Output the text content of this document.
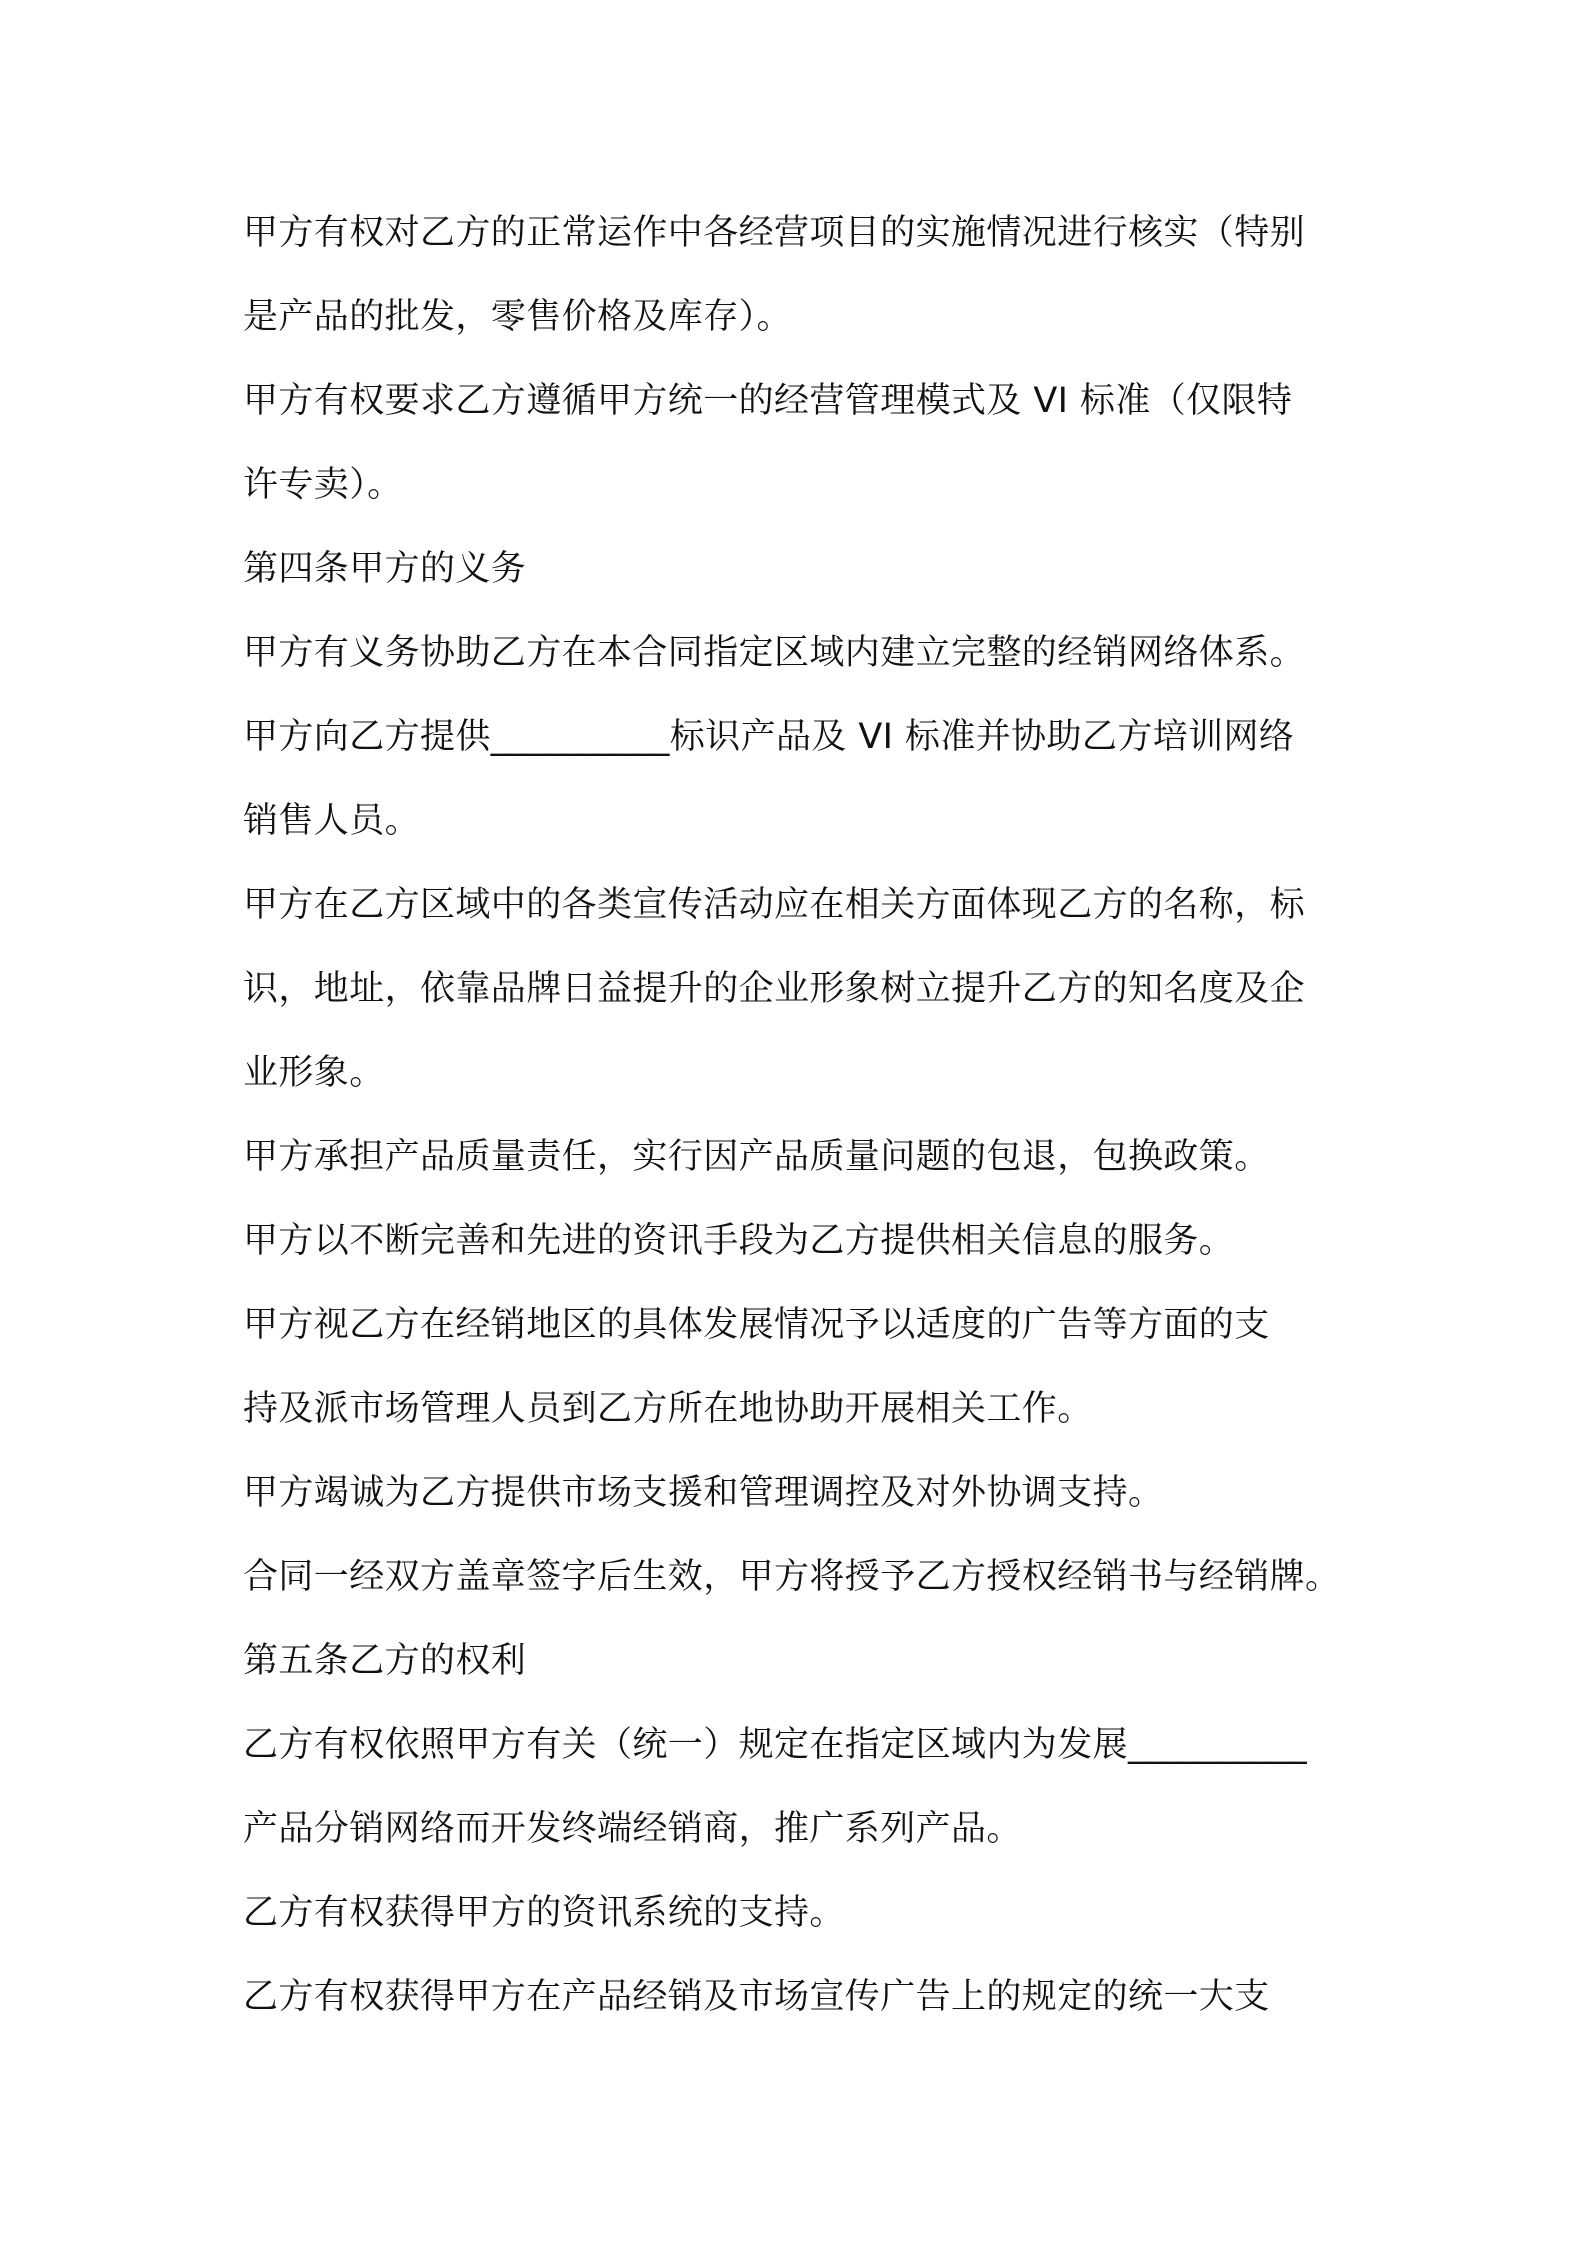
甲方有权对乙方的正常运作中各经营项目的实施情况进行核实（特别
是产品的批发，零售价格及库存）。
甲方有权要求乙方遵循甲方统一的经营管理模式及 VI 标准（仅限特
许专卖）。
第四条甲方的义务
甲方有义务协助乙方在本合同指定区域内建立完整的经销网络体系。
甲方向乙方提供__________标识产品及 VI 标准并协助乙方培训网络
销售人员。
甲方在乙方区域中的各类宣传活动应在相关方面体现乙方的名称，标
识，地址，依靠品牌日益提升的企业形象树立提升乙方的知名度及企
业形象。
甲方承担产品质量责任，实行因产品质量问题的包退，包换政策。
甲方以不断完善和先进的资讯手段为乙方提供相关信息的服务。
甲方视乙方在经销地区的具体发展情况予以适度的广告等方面的支
持及派市场管理人员到乙方所在地协助开展相关工作。
甲方竭诚为乙方提供市场支援和管理调控及对外协调支持。
合同一经双方盖章签字后生效，甲方将授予乙方授权经销书与经销牌。
第五条乙方的权利
乙方有权依照甲方有关（统一）规定在指定区域内为发展__________
产品分销网络而开发终端经销商，推广系列产品。
乙方有权获得甲方的资讯系统的支持。
乙方有权获得甲方在产品经销及市场宣传广告上的规定的统一大支
